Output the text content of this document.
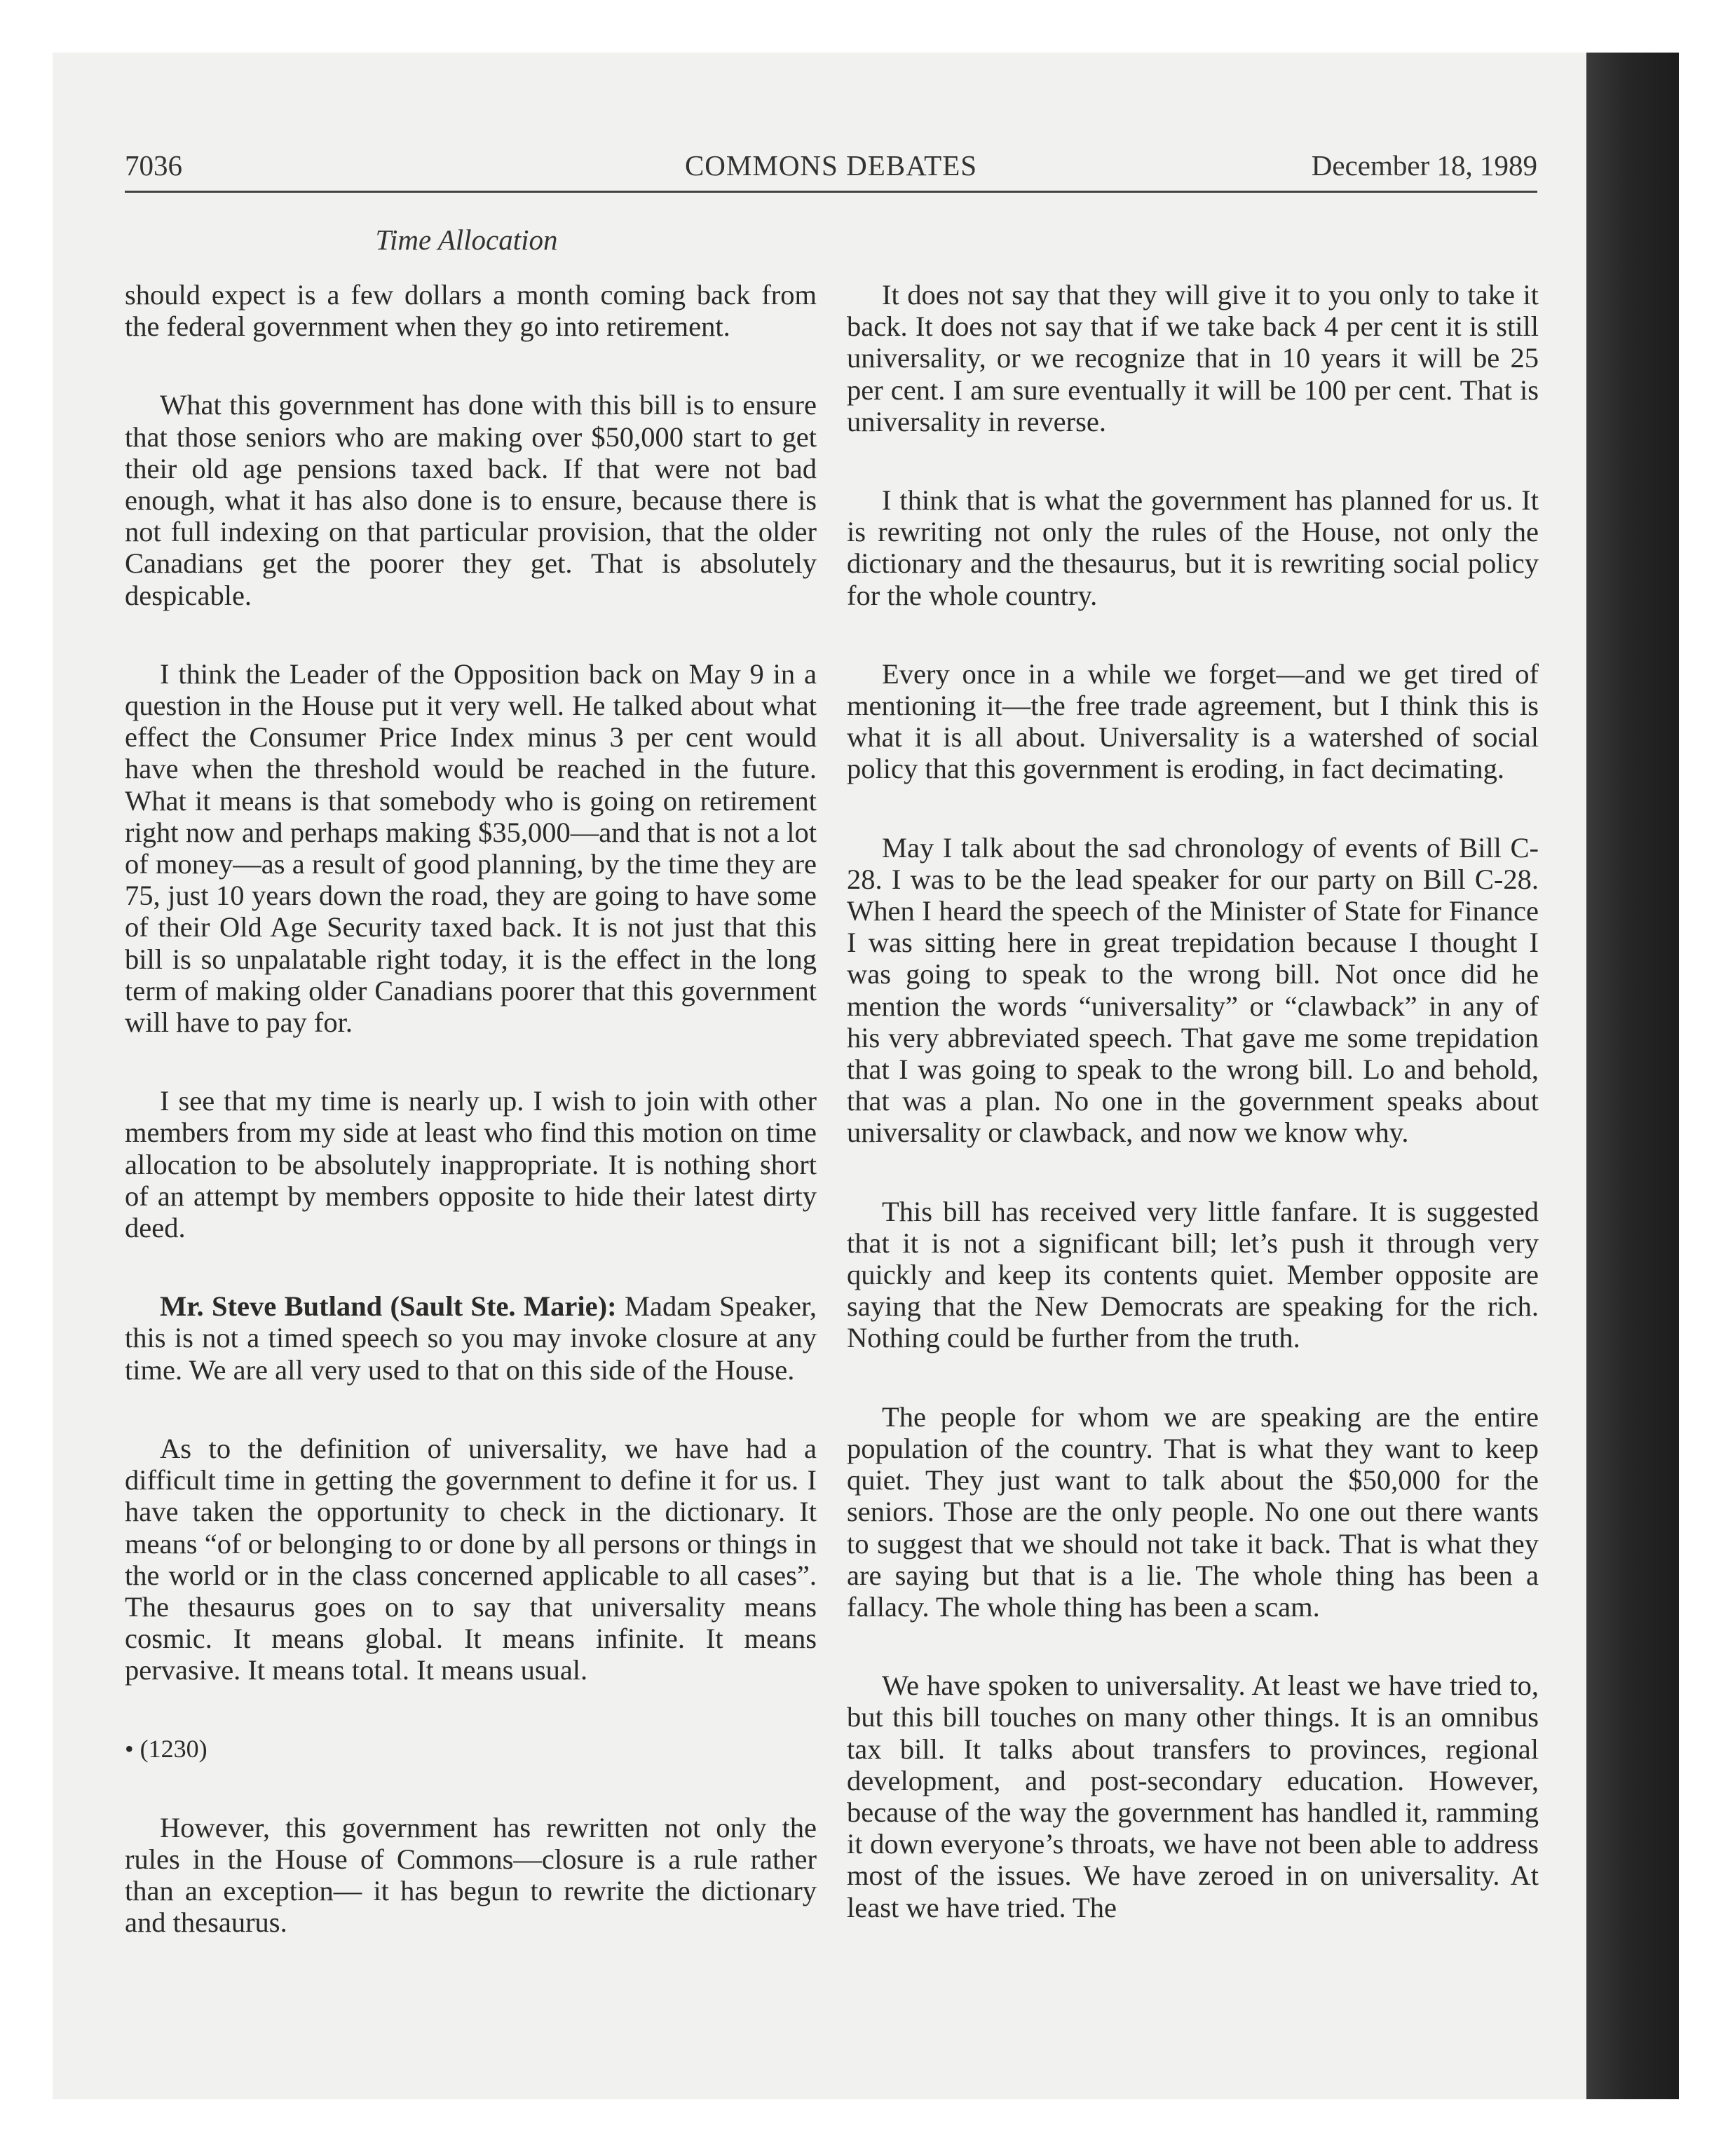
7036	COMMONS DEBATES	December 18, 1989
Time Allocation

should expect is a few dollars a month coming back from the federal government when they go into retirement.

What this government has done with this bill is to ensure that those seniors who are making over $50,000 start to get their old age pensions taxed back. If that were not bad enough, what it has also done is to ensure, because there is not full indexing on that particular provision, that the older Canadians get the poorer they get. That is absolutely despicable.

I think the Leader of the Opposition back on May 9 in a question in the House put it very well. He talked about what effect the Consumer Price Index minus 3 per cent would have when the threshold would be reached in the future. What it means is that somebody who is going on retirement right now and perhaps making $35,000—and that is not a lot of money—as a result of good planning, by the time they are 75, just 10 years down the road, they are going to have some of their Old Age Security taxed back. It is not just that this bill is so unpalatable right today, it is the effect in the long term of making older Canadians poorer that this government will have to pay for.

I see that my time is nearly up. I wish to join with other members from my side at least who find this motion on time allocation to be absolutely inappropriate. It is nothing short of an attempt by members opposite to hide their latest dirty deed.

Mr. Steve Butland (Sault Ste. Marie): Madam Speaker, this is not a timed speech so you may invoke closure at any time. We are all very used to that on this side of the House.

As to the definition of universality, we have had a difficult time in getting the government to define it for us. I have taken the opportunity to check in the dictionary. It means “of or belonging to or done by all persons or things in the world or in the class concerned applicable to all cases”. The thesaurus goes on to say that universality means cosmic. It means global. It means infinite. It means pervasive. It means total. It means usual.

• (1230)

However, this government has rewritten not only the rules in the House of Commons—closure is a rule rather than an exception— it has begun to rewrite the dictionary and thesaurus.

It does not say that they will give it to you only to take it back. It does not say that if we take back 4 per cent it is still universality, or we recognize that in 10 years it will be 25 per cent. I am sure eventually it will be 100 per cent. That is universality in reverse.

I think that is what the government has planned for us. It is rewriting not only the rules of the House, not only the dictionary and the thesaurus, but it is rewriting social policy for the whole country.

Every once in a while we forget—and we get tired of mentioning it—the free trade agreement, but I think this is what it is all about. Universality is a watershed of social policy that this government is eroding, in fact decimating.

May I talk about the sad chronology of events of Bill C-28. I was to be the lead speaker for our party on Bill C-28. When I heard the speech of the Minister of State for Finance I was sitting here in great trepidation because I thought I was going to speak to the wrong bill. Not once did he mention the words “universality” or “clawback” in any of his very abbreviated speech. That gave me some trepidation that I was going to speak to the wrong bill. Lo and behold, that was a plan. No one in the government speaks about universality or clawback, and now we know why.

This bill has received very little fanfare. It is suggested that it is not a significant bill; let’s push it through very quickly and keep its contents quiet. Member opposite are saying that the New Democrats are speaking for the rich. Nothing could be further from the truth.

The people for whom we are speaking are the entire population of the country. That is what they want to keep quiet. They just want to talk about the $50,000 for the seniors. Those are the only people. No one out there wants to suggest that we should not take it back. That is what they are saying but that is a lie. The whole thing has been a fallacy. The whole thing has been a scam.

We have spoken to universality. At least we have tried to, but this bill touches on many other things. It is an omnibus tax bill. It talks about transfers to provinces, regional development, and post-secondary education. However, because of the way the government has handled it, ramming it down everyone’s throats, we have not been able to address most of the issues. We have zeroed in on universality. At least we have tried. The
